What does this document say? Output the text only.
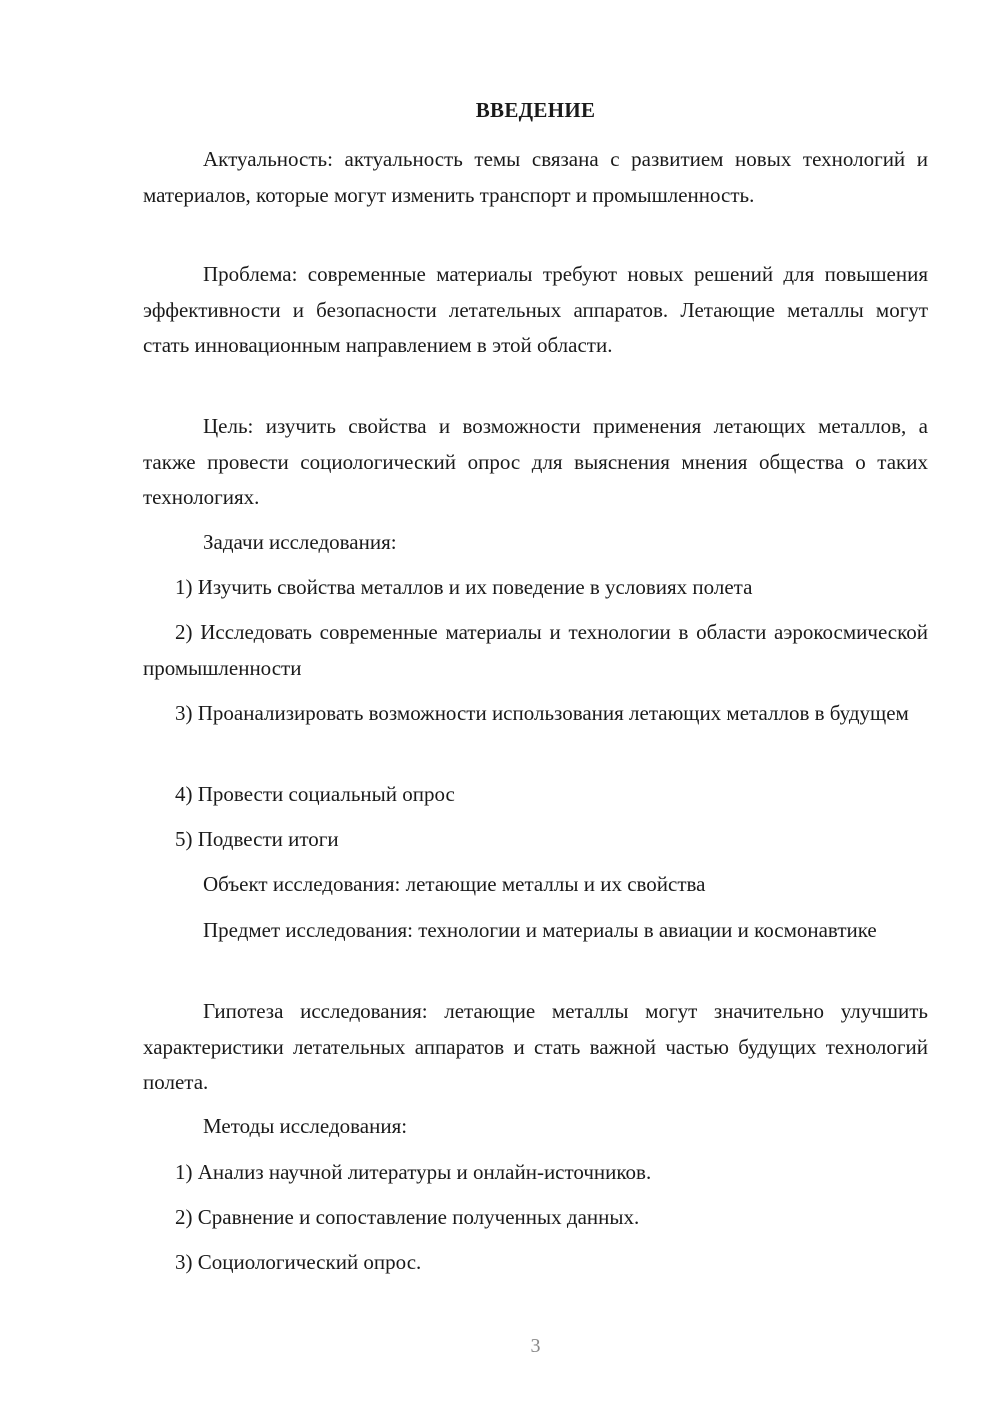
ВВЕДЕНИЕ

Актуальность: актуальность темы связана с развитием новых технологий и материалов, которые могут изменить транспорт и промышленность.

Проблема: современные материалы требуют новых решений для повышения эффективности и безопасности летательных аппаратов. Летающие металлы могут стать инновационным направлением в этой области.

Цель: изучить свойства и возможности применения летающих металлов, а также провести социологический опрос для выяснения мнения общества о таких технологиях.

Задачи исследования:

1) Изучить свойства металлов и их поведение в условиях полета

2) Исследовать современные материалы и технологии в области аэрокосмической промышленности

3) Проанализировать возможности использования летающих металлов в будущем

4) Провести социальный опрос

5) Подвести итоги

Объект исследования: летающие металлы и их свойства

Предмет исследования: технологии и материалы в авиации и космонавтике

Гипотеза исследования: летающие металлы могут значительно улучшить характеристики летательных аппаратов и стать важной частью будущих технологий полета.

Методы исследования:

1) Анализ научной литературы и онлайн-источников.

2) Сравнение и сопоставление полученных данных.

3) Социологический опрос.

3
